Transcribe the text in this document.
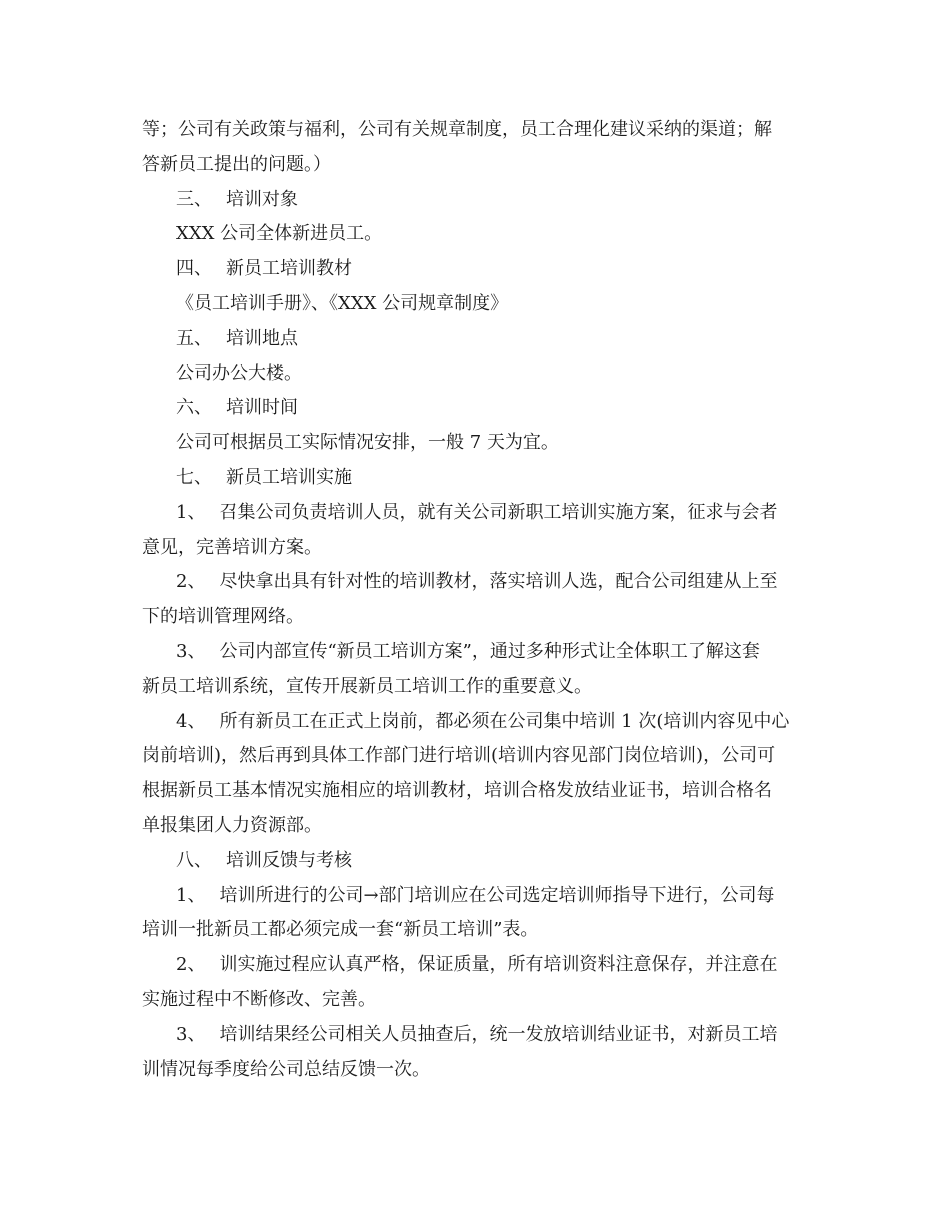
等；公司有关政策与福利，公司有关规章制度，员工合理化建议采纳的渠道；解
答新员工提出的问题。）
三、 培训对象
XXX 公司全体新进员工。
四、 新员工培训教材
《员工培训手册》、《XXX 公司规章制度》
五、 培训地点
公司办公大楼。
六、 培训时间
公司可根据员工实际情况安排，一般 7 天为宜。
七、 新员工培训实施
1、 召集公司负责培训人员，就有关公司新职工培训实施方案，征求与会者
意见，完善培训方案。
2、 尽快拿出具有针对性的培训教材，落实培训人选，配合公司组建从上至
下的培训管理网络。
3、 公司内部宣传“新员工培训方案”，通过多种形式让全体职工了解这套
新员工培训系统，宣传开展新员工培训工作的重要意义。
4、 所有新员工在正式上岗前，都必须在公司集中培训 1 次(培训内容见中心
岗前培训)，然后再到具体工作部门进行培训(培训内容见部门岗位培训)，公司可
根据新员工基本情况实施相应的培训教材，培训合格发放结业证书，培训合格名
单报集团人力资源部。
八、 培训反馈与考核
1、 培训所进行的公司→部门培训应在公司选定培训师指导下进行，公司每
培训一批新员工都必须完成一套“新员工培训”表。
2、 训实施过程应认真严格，保证质量，所有培训资料注意保存，并注意在
实施过程中不断修改、完善。
3、 培训结果经公司相关人员抽查后，统一发放培训结业证书，对新员工培
训情况每季度给公司总结反馈一次。
